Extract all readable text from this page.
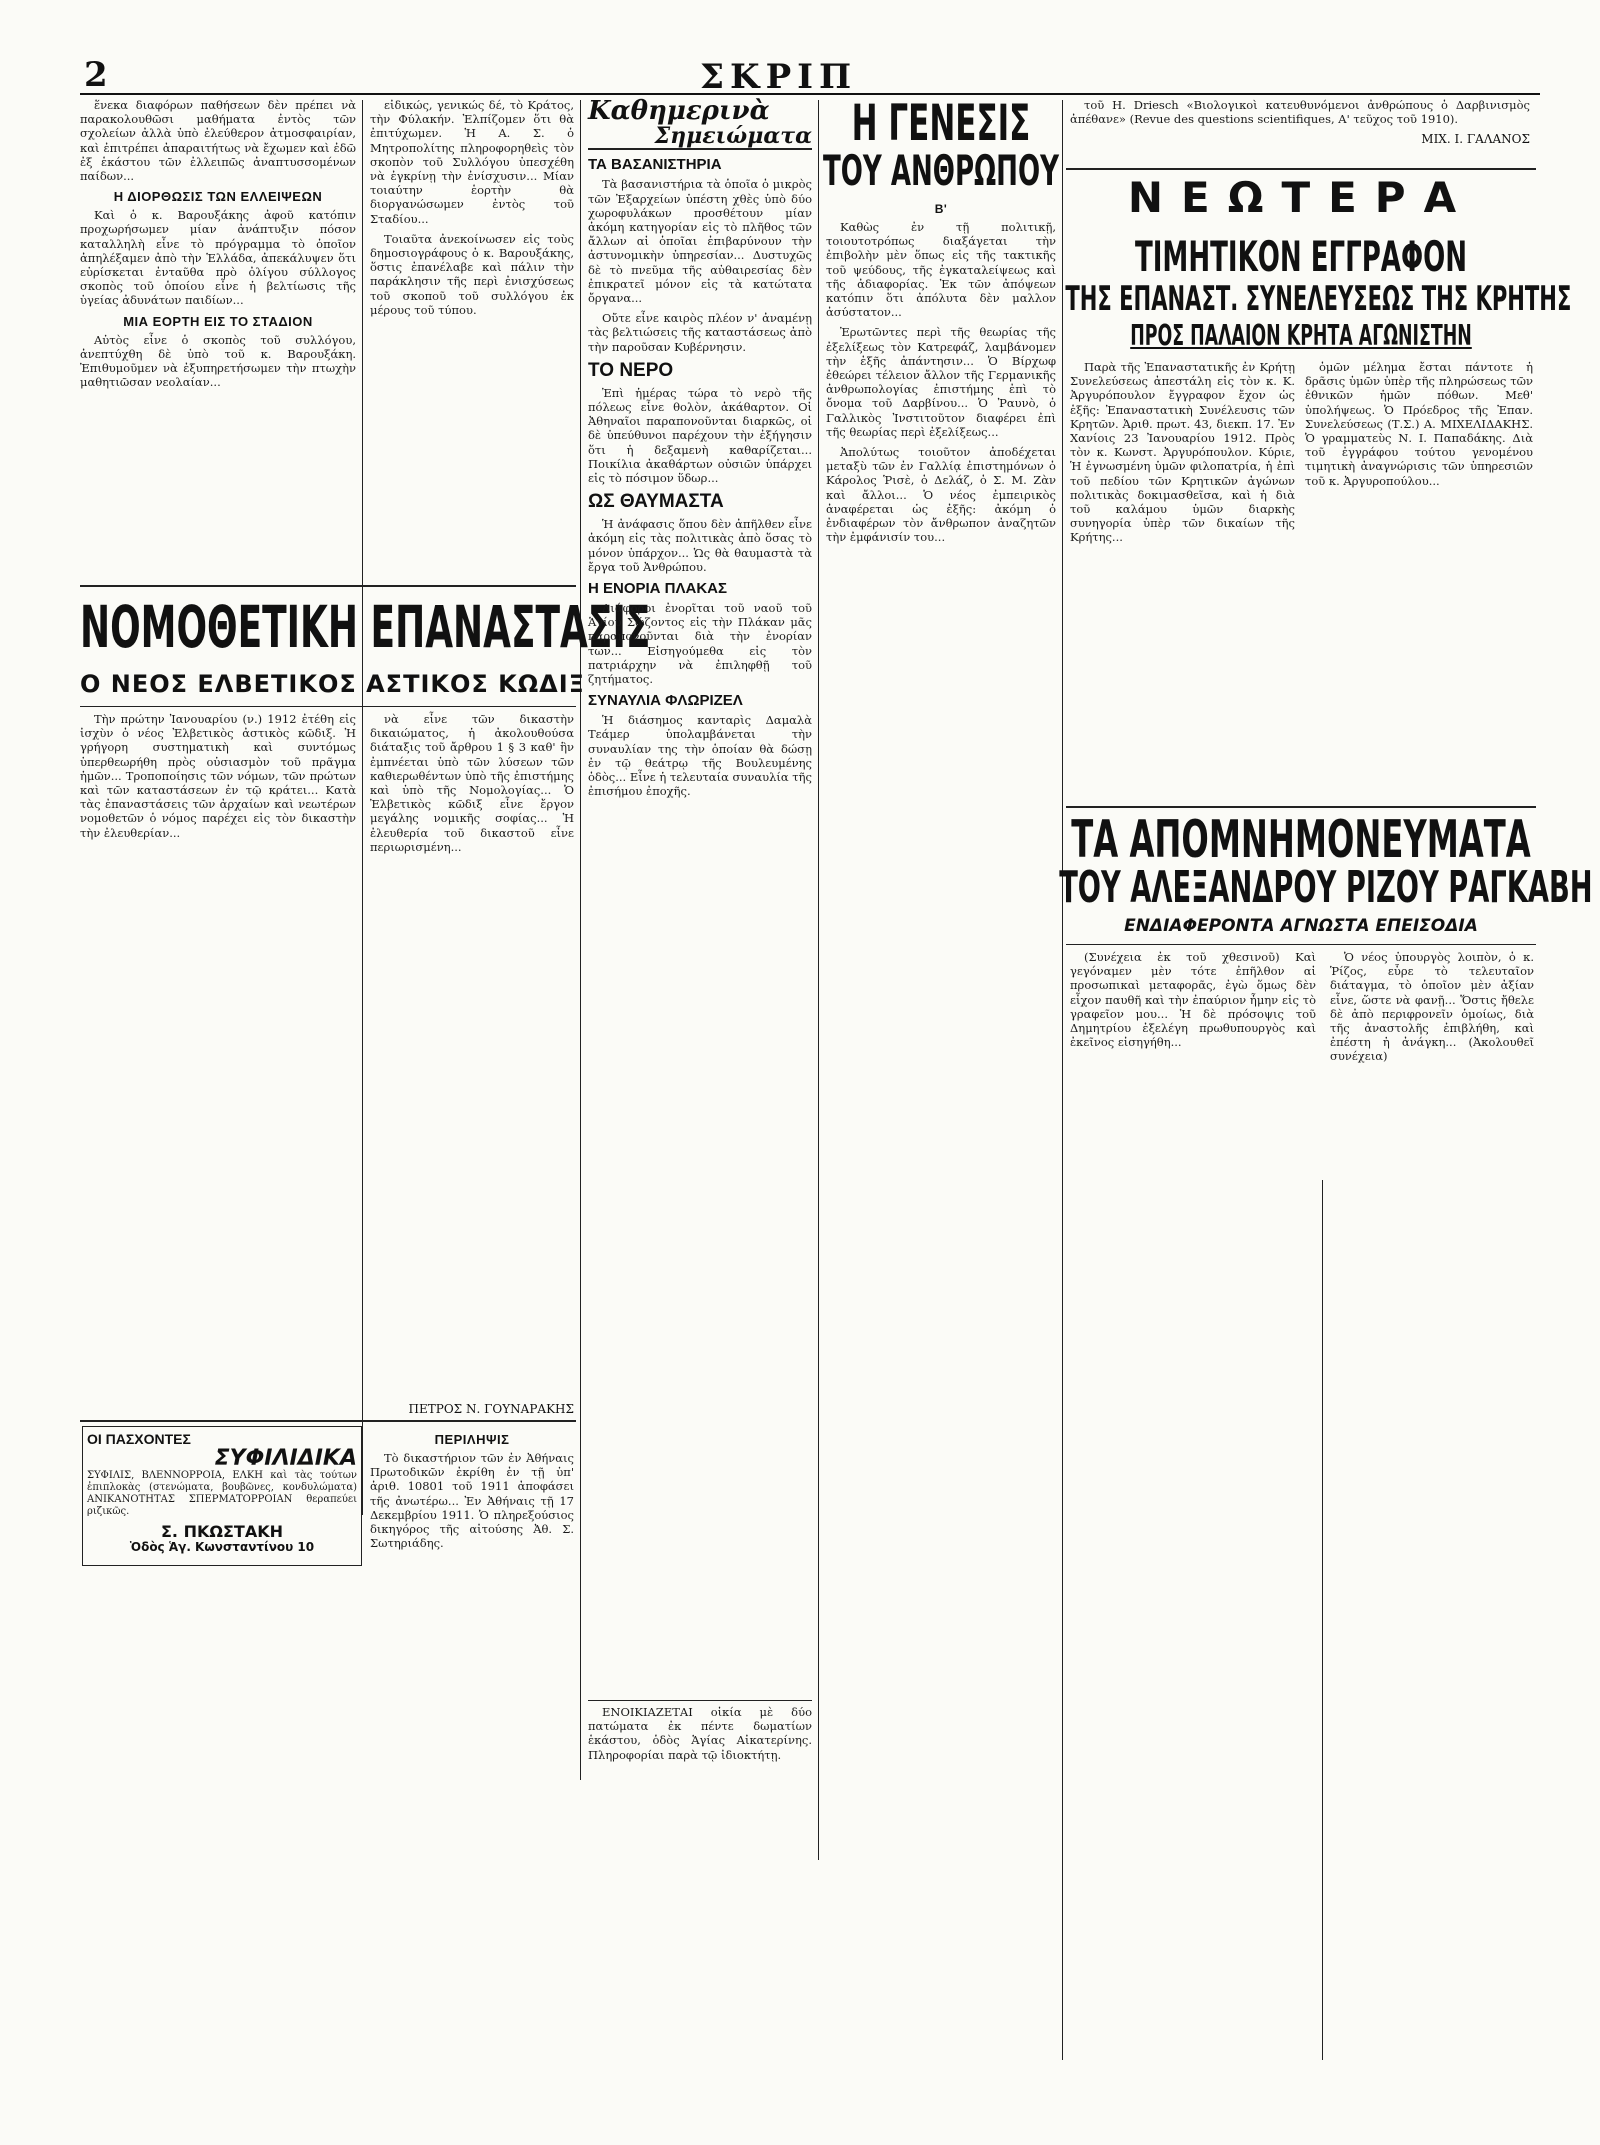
2	ΣΚΡΙΠ

ἕνεκα διαφόρων παθήσεων δὲν πρέπει νὰ παρακολουθῶσι μαθήματα ἐντὸς τῶν σχολείων ἀλλὰ ὑπὸ ἐλεύθερον ἀτμοσφαιρίαν, καὶ ἐπιτρέπει ἀπαραιτήτως νὰ ἔχωμεν καὶ ἐδῶ ἐξ ἑκάστου τῶν ἐλλειπῶς ἀναπτυσσομένων παίδων...

Η ΔΙΟΡΘΩΣΙΣ ΤΩΝ ΕΛΛΕΙΨΕΩΝ

Καὶ ὁ κ. Βαρουξάκης ἀφοῦ κατόπιν προχωρήσωμεν μίαν ἀνάπτυξιν πόσον καταλληλὴ εἶνε τὸ πρόγραμμα τὸ ὁποῖον ἀπηλέξαμεν ἀπὸ τὴν Ἑλλάδα, ἀπεκάλυψεν ὅτι εὑρίσκεται ἐνταῦθα πρὸ ὀλίγου σύλλογος σκοπὸς τοῦ ὁποίου εἶνε ἡ βελτίωσις τῆς ὑγείας ἀδυνάτων παιδίων...

ΜΙΑ ΕΟΡΤΗ ΕΙΣ ΤΟ ΣΤΑΔΙΟΝ

Αὐτὸς εἶνε ὁ σκοπὸς τοῦ συλλόγου, ἀνεπτύχθη δὲ ὑπὸ τοῦ κ. Βαρουξάκη. Ἐπιθυμοῦμεν νὰ ἐξυπηρετήσωμεν τὴν πτωχὴν μαθητιῶσαν νεολαίαν...

εἰδικώς, γενικώς δέ, τὸ Κράτος, τὴν Φύλακήν. Ἐλπίζομεν ὅτι θὰ ἐπιτύχωμεν. Ἡ Α. Σ. ὁ Μητροπολίτης πληροφορηθεὶς τὸν σκοπὸν τοῦ Συλλόγου ὑπεσχέθη νὰ ἐγκρίνῃ τὴν ἐνίσχυσιν... Μίαν τοιαύτην ἑορτὴν θὰ διοργανώσωμεν ἐντὸς τοῦ Σταδίου...

Τοιαῦτα ἀνεκοίνωσεν εἰς τοὺς δημοσιογράφους ὁ κ. Βαρουξάκης, ὅστις ἐπανέλαβε καὶ πάλιν τὴν παράκλησιν τῆς περὶ ἐνισχύσεως τοῦ σκοποῦ τοῦ συλλόγου ἐκ μέρους τοῦ τύπου.

ΝΟΜΟΘΕΤΙΚΗ ΕΠΑΝΑΣΤΑΣΙΣ
Ο ΝΕΟΣ ΕΛΒΕΤΙΚΟΣ ΑΣΤΙΚΟΣ ΚΩΔΙΞ

Τὴν πρώτην Ἰανουαρίου (ν.) 1912 ἐτέθη εἰς ἰσχὺν ὁ νέος Ἐλβετικὸς ἀστικὸς κῶδιξ. Ἡ γρήγορη συστηματικὴ καὶ συντόμως ὑπερθεωρήθη πρὸς οὐσιασμὸν τοῦ πρᾶγμα ἡμῶν... Τροποποίησις τῶν νόμων, τῶν πρώτων καὶ τῶν καταστάσεων ἐν τῷ κράτει... Κατὰ τὰς ἐπαναστάσεις τῶν ἀρχαίων καὶ νεωτέρων νομοθετῶν ὁ νόμος παρέχει εἰς τὸν δικαστὴν τὴν ἐλευθερίαν...

νὰ εἶνε τῶν δικαστὴν δικαιώματος, ἡ ἀκολουθούσα διάταξις τοῦ ἄρθρου 1 § 3 καθ' ἣν ἐμπνέεται ὑπὸ τῶν λύσεων τῶν καθιερωθέντων ὑπὸ τῆς ἐπιστήμης καὶ ὑπὸ τῆς Νομολογίας... Ὁ Ἐλβετικὸς κῶδιξ εἶνε ἔργον μεγάλης νομικῆς σοφίας... Ἡ ἐλευθερία τοῦ δικαστοῦ εἶνε περιωρισμένη...

ΠΕΤΡΟΣ Ν. ΓΟΥΝΑΡΑΚΗΣ
Καθημερινὰ
Σημειώματα
ΤΑ ΒΑΣΑΝΙΣΤΗΡΙΑ

Τὰ βασανιστήρια τὰ ὁποῖα ὁ μικρὸς τῶν Ἐξαρχείων ὑπέστη χθὲς ὑπὸ δύο χωροφυλάκων προσθέτουν μίαν ἀκόμη κατηγορίαν εἰς τὸ πλῆθος τῶν ἄλλων αἱ ὁποῖαι ἐπιβαρύνουν τὴν ἀστυνομικὴν ὑπηρεσίαν... Δυστυχῶς δὲ τὸ πνεῦμα τῆς αὐθαιρεσίας δὲν ἐπικρατεῖ μόνον εἰς τὰ κατώτατα ὄργανα...

Οὔτε εἶνε καιρὸς πλέον ν' ἀναμένῃ τὰς βελτιώσεις τῆς καταστάσεως ἀπὸ τὴν παροῦσαν Κυβέρνησιν.

ΤΟ ΝΕΡΟ

Ἐπὶ ἡμέρας τώρα τὸ νερὸ τῆς πόλεως εἶνε θολὸν, ἀκάθαρτον. Οἱ Ἀθηναῖοι παραπονοῦνται διαρκῶς, οἱ δὲ ὑπεύθυνοι παρέχουν τὴν ἐξήγησιν ὅτι ἡ δεξαμενὴ καθαρίζεται... Ποικίλια ἀκαθάρτων οὐσιῶν ὑπάρχει εἰς τὸ πόσιμον ὕδωρ...

ΩΣ ΘΑΥΜΑΣΤΑ

Ἡ ἀνάφασις ὅπου δὲν ἀπῆλθεν εἶνε ἀκόμη εἰς τὰς πολιτικὰς ἀπὸ ὅσας τὸ μόνον ὑπάρχον... Ὡς θὰ θαυμαστὰ τὰ ἔργα τοῦ Ἀνθρώπου.

Η ΕΝΟΡΙΑ ΠΛΑΚΑΣ

Διάφοροι ἐνορῖται τοῦ ναοῦ τοῦ Ἁγίου Σώζοντος εἰς τὴν Πλάκαν μᾶς παραπονοῦνται διὰ τὴν ἐνορίαν των... Εἰσηγούμεθα εἰς τὸν πατριάρχην νὰ ἐπιληφθῇ τοῦ ζητήματος.

ΣΥΝΑΥΛΙΑ ΦΛΩΡΙΖΕΛ

Ἡ διάσημος κανταρὶς Δαμαλὰ Τεάμερ ὑπολαμβάνεται τὴν συναυλίαν της τὴν ὁποίαν θὰ δώσῃ ἐν τῷ θεάτρῳ τῆς Βουλευμένης ὁδὸς... Εἶνε ἡ τελευταία συναυλία τῆς ἐπισήμου ἐποχῆς.

Η ΓΕΝΕΣΙΣ
ΤΟΥ ΑΝΘΡΩΠΟΥ
Β'

Καθὼς ἐν τῇ πολιτικῇ, τοιουτοτρόπως διαξάγεται τὴν ἐπιβολὴν μὲν ὅπως εἰς τῆς τακτικῆς τοῦ ψεύδους, τῆς ἐγκαταλείψεως καὶ τῆς ἀδιαφορίας. Ἐκ τῶν ἀπόψεων κατόπιν ὅτι ἀπόλυτα δὲν μαλλον ἀσύστατον...

Ἐρωτῶντες περὶ τῆς θεωρίας τῆς ἐξελίξεως τὸν Κατρεφάζ, λαμβάνομεν τὴν ἑξῆς ἀπάντησιν... Ὁ Βίρχωφ ἐθεώρει τέλειον ἄλλον τῆς Γερμανικῆς ἀνθρωπολογίας ἐπιστήμης ἐπὶ τὸ ὄνομα τοῦ Δαρβίνου... Ὁ Ῥαυνὸ, ὁ Γαλλικὸς Ἰνστιτοῦτον διαφέρει ἐπὶ τῆς θεωρίας περὶ ἐξελίξεως...

Ἀπολύτως τοιοῦτον ἀποδέχεται μεταξὺ τῶν ἐν Γαλλίᾳ ἐπιστημόνων ὁ Κάρολος Ῥισὲ, ὁ Δελάζ, ὁ Σ. Μ. Ζὰν καὶ ἄλλοι... Ὁ νέος ἐμπειρικὸς ἀναφέρεται ὡς ἐξῆς: ἀκόμη ὁ ἐνδιαφέρων τὸν ἄνθρωπον ἀναζητῶν τὴν ἐμφάνισίν του...

τοῦ Η. Driesch «Βιολογικοὶ κατευθυνόμενοι ἀνθρώπους ὁ Δαρβινισμὸς ἀπέθανε» (Revue des questions scientifiques, Α' τεῦχος τοῦ 1910).

ΜΙΧ. Ι. ΓΑΛΑΝΟΣ
ΝΕΩΤΕΡΑ
ΤΙΜΗΤΙΚΟΝ ΕΓΓΡΑΦΟΝ
ΤΗΣ ΕΠΑΝΑΣΤ. ΣΥΝΕΛΕΥΣΕΩΣ ΤΗΣ ΚΡΗΤΗΣ
ΠΡΟΣ ΠΑΛΑΙΟΝ ΚΡΗΤΑ ΑΓΩΝΙΣΤΗΝ

Παρὰ τῆς Ἐπαναστατικῆς ἐν Κρήτῃ Συνελεύσεως ἀπεστάλη εἰς τὸν κ. Κ. Ἀργυρόπουλον ἔγγραφον ἔχον ὡς ἑξῆς: Ἐπαναστατικὴ Συνέλευσις τῶν Κρητῶν. Ἀριθ. πρωτ. 43, διεκπ. 17. Ἐν Χανίοις 23 Ἰανουαρίου 1912. Πρὸς τὸν κ. Κωνστ. Ἀργυρόπουλον. Κύριε, Ἡ ἐγνωσμένη ὑμῶν φιλοπατρία, ἡ ἐπὶ τοῦ πεδίου τῶν Κρητικῶν ἀγώνων πολιτικὰς δοκιμασθεῖσα, καὶ ἡ διὰ τοῦ καλάμου ὑμῶν διαρκὴς συνηγορία ὑπὲρ τῶν δικαίων τῆς Κρήτης...

ὁμῶν μέλημα ἔσται πάντοτε ἡ δρᾶσις ὑμῶν ὑπὲρ τῆς πληρώσεως τῶν ἐθνικῶν ἡμῶν πόθων. Μεθ' ὑπολήψεως. Ὁ Πρόεδρος τῆς Ἐπαν. Συνελεύσεως (Τ.Σ.) Α. ΜΙΧΕΛΙΔΑΚΗΣ. Ὁ γραμματεὺς Ν. Ι. Παπαδάκης. Διὰ τοῦ ἐγγράφου τούτου γενομένου τιμητικὴ ἀναγνώρισις τῶν ὑπηρεσιῶν τοῦ κ. Ἀργυροπούλου...

ΤΑ ΑΠΟΜΝΗΜΟΝΕΥΜΑΤΑ
ΤΟΥ ΑΛΕΞΑΝΔΡΟΥ ΡΙΖΟΥ ΡΑΓΚΑΒΗ
ΕΝΔΙΑΦΕΡΟΝΤΑ ΑΓΝΩΣΤΑ ΕΠΕΙΣΟΔΙΑ

(Συνέχεια ἐκ τοῦ χθεσινοῦ) Καὶ γεγόναμεν μὲν τότε ἐπῆλθον αἱ προσωπικαὶ μεταφορᾶς, ἐγὼ ὅμως δὲν εἶχον παυθῆ καὶ τὴν ἐπαύριον ἦμην εἰς τὸ γραφεῖον μου... Ἡ δὲ πρόσοψις τοῦ Δημητρίου ἐξελέγη πρωθυπουργὸς καὶ ἐκεῖνος εἰσηγήθη...

Ὁ νέος ὑπουργὸς λοιπὸν, ὁ κ. Ῥίζος, εὗρε τὸ τελευταῖον διάταγμα, τὸ ὁποῖον μὲν ἀξίαν εἶνε, ὥστε νὰ φανῇ... Ὅστις ἤθελε δὲ ἀπὸ περιφρονεῖν ὁμοίως, διὰ τῆς ἀναστολῆς ἐπιβλήθη, καὶ ἐπέστη ἡ ἀνάγκη... (Ἀκολουθεῖ συνέχεια)

ΟΙ ΠΑΣΧΟΝΤΕΣ
ΣΥΦΙΛΙΔΙΚΑ
ΣΥΦΙΛΙΣ, ΒΛΕΝΝΟΡΡΟΙΑ, ΕΛΚΗ καὶ τὰς τούτων ἐπιπλοκὰς (στενώματα, βουβῶνες, κονδυλώματα) ΑΝΙΚΑΝΟΤΗΤΑΣ ΣΠΕΡΜΑΤΟΡΡΟΙΑΝ θεραπεύει ριζικῶς.
Σ. ΠΚΩΣΤΑΚΗ
Ὁδὸς Ἁγ. Κωνσταντίνου 10
ΠΕΡΙΛΗΨΙΣ

Τὸ δικαστήριον τῶν ἐν Ἀθήναις Πρωτοδικῶν ἐκρίθη ἐν τῇ ὑπ' ἀριθ. 10801 τοῦ 1911 ἀποφάσει τῆς ἀνωτέρω... Ἐν Ἀθήναις τῇ 17 Δεκεμβρίου 1911. Ὁ πληρεξούσιος δικηγόρος τῆς αἰτούσης Ἀθ. Σ. Σωτηριάδης.

ΕΝΟΙΚΙΑΖΕΤΑΙ οἰκία μὲ δύο πατώματα ἐκ πέντε δωματίων ἑκάστου, ὁδὸς Ἁγίας Αἰκατερίνης. Πληροφορίαι παρὰ τῷ ἰδιοκτήτῃ.
